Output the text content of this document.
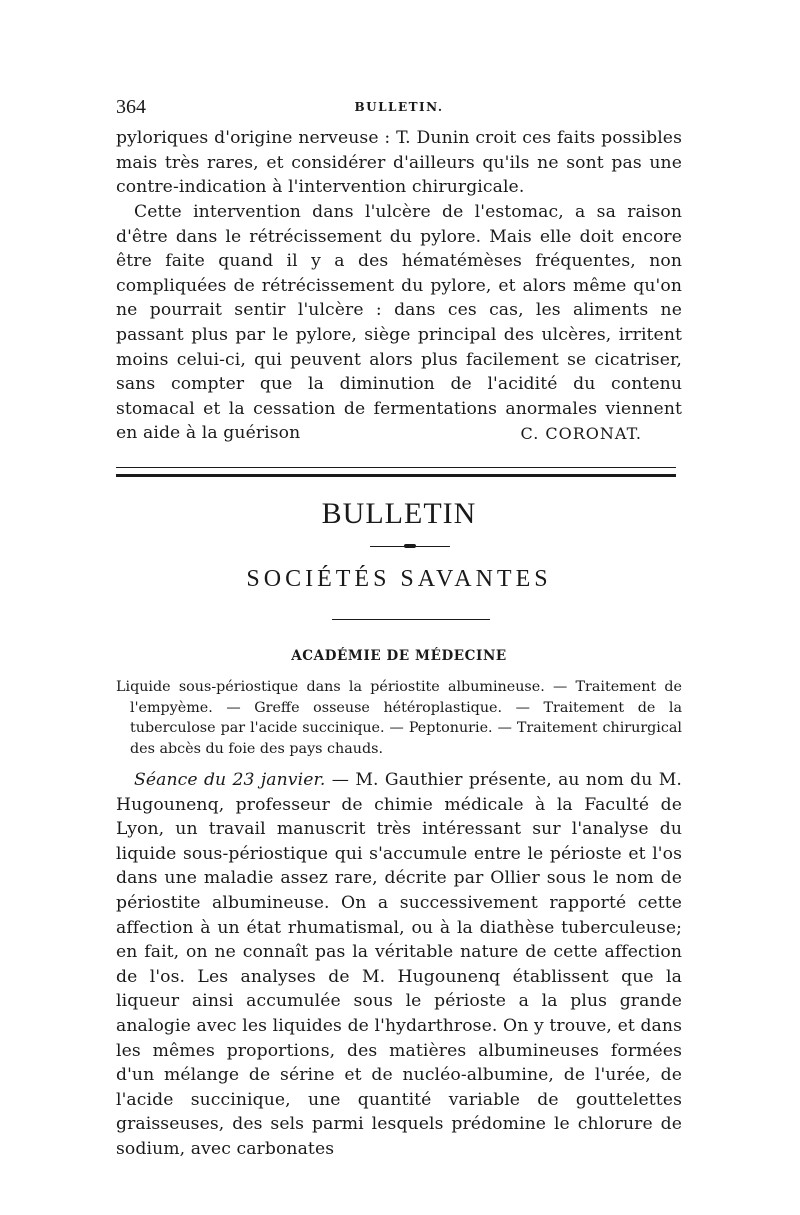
364	BULLETIN.

pyloriques d'origine nerveuse : T. Dunin croit ces faits possibles mais très rares, et considérer d'ailleurs qu'ils ne sont pas une contre-indication à l'intervention chirurgicale.

Cette intervention dans l'ulcère de l'estomac, a sa raison d'être dans le rétrécissement du pylore. Mais elle doit encore être faite quand il y a des hématémèses fréquentes, non compliquées de rétrécissement du pylore, et alors même qu'on ne pourrait sentir l'ulcère : dans ces cas, les aliments ne passant plus par le pylore, siège principal des ulcères, irritent moins celui-ci, qui peuvent alors plus facilement se cicatriser, sans compter que la diminution de l'acidité du contenu stomacal et la cessation de fermentations anormales viennent en aide à la guérison	C. CORONAT.
BULLETIN
SOCIÉTÉS SAVANTES
ACADÉMIE DE MÉDECINE

Liquide sous-périostique dans la périostite albumineuse. — Traitement de l'empyème. — Greffe osseuse hétéroplastique. — Traitement de la tuberculose par l'acide succinique. — Peptonurie. — Traitement chirurgical des abcès du foie des pays chauds.

Séance du 23 janvier. — M. Gauthier présente, au nom du M. Hugounenq, professeur de chimie médicale à la Faculté de Lyon, un travail manuscrit très intéressant sur l'analyse du liquide sous-périostique qui s'accumule entre le périoste et l'os dans une maladie assez rare, décrite par Ollier sous le nom de périostite albumineuse. On a successivement rapporté cette affection à un état rhumatismal, ou à la diathèse tuberculeuse; en fait, on ne connaît pas la véritable nature de cette affection de l'os. Les analyses de M. Hugounenq établissent que la liqueur ainsi accumulée sous le périoste a la plus grande analogie avec les liquides de l'hydarthrose. On y trouve, et dans les mêmes proportions, des matières albumineuses formées d'un mélange de sérine et de nucléo-albumine, de l'urée, de l'acide succinique, une quantité variable de gouttelettes graisseuses, des sels parmi lesquels prédomine le chlorure de sodium, avec carbonates
